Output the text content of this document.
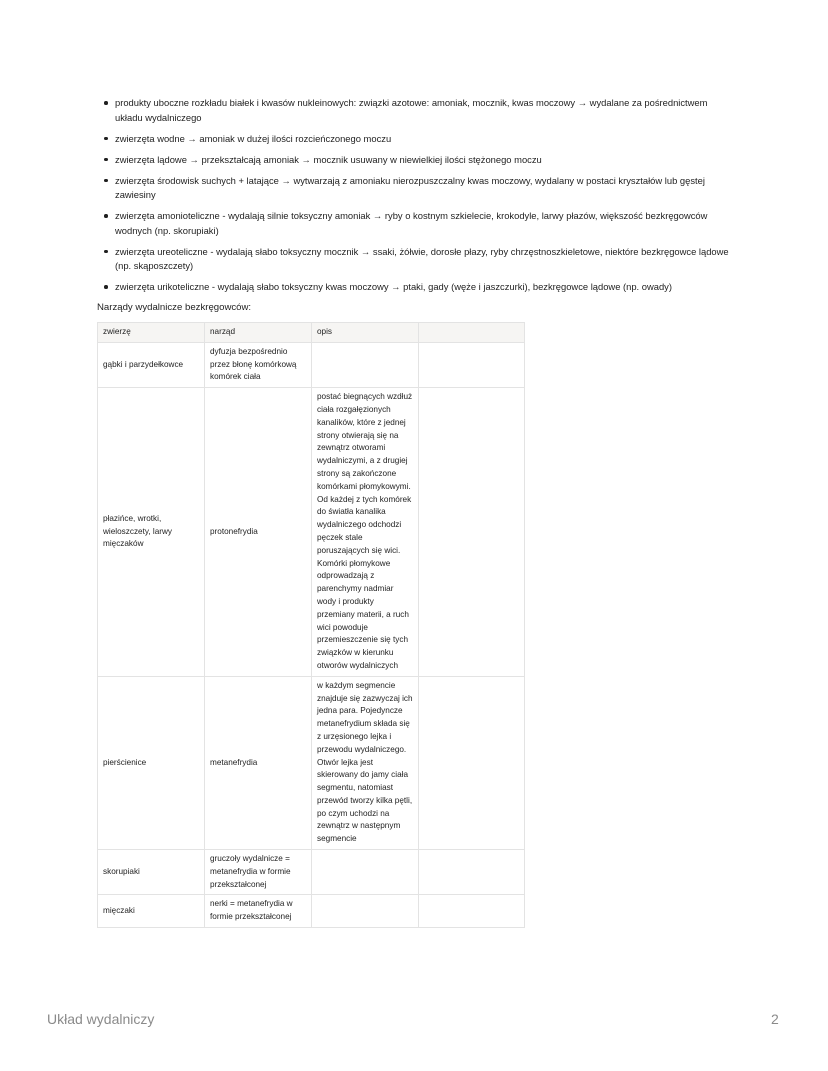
produkty uboczne rozkładu białek i kwasów nukleinowych: związki azotowe: amoniak, mocznik, kwas moczowy → wydalane za pośrednictwem układu wydalniczego
zwierzęta wodne → amoniak w dużej ilości rozcieńczonego moczu
zwierzęta lądowe → przekształcają amoniak → mocznik usuwany w niewielkiej ilości stężonego moczu
zwierzęta środowisk suchych + latające → wytwarzają z amoniaku nierozpuszczalny kwas moczowy, wydalany w postaci kryształów lub gęstej zawiesiny
zwierzęta amonioteliczne - wydalają silnie toksyczny amoniak → ryby o kostnym szkielecie, krokodyle, larwy płazów, większość bezkręgowców wodnych (np. skorupiaki)
zwierzęta ureoteliczne - wydalają słabo toksyczny mocznik → ssaki, żółwie, dorosłe płazy, ryby chrzęstnoszkieletowe, niektóre bezkręgowce lądowe (np. skąposzczety)
zwierzęta urikoteliczne - wydalają słabo toksyczny kwas moczowy → ptaki, gady (węże i jaszczurki), bezkręgowce lądowe (np. owady)
Narządy wydalnicze bezkręgowców:
zwierzę	narząd	opis	
gąbki i parzydełkowce	dyfuzja bezpośrednio przez błonę komórkową komórek ciała		
płazińce, wrotki, wieloszczety, larwy mięczaków	protonefrydia	postać biegnących wzdłuż ciała rozgałęzionych kanalików, które z jednej strony otwierają się na zewnątrz otworami wydalniczymi, a z drugiej strony są zakończone komórkami płomykowymi. Od każdej z tych komórek do światła kanalika wydalniczego odchodzi pęczek stale poruszających się wici. Komórki płomykowe odprowadzają z parenchymy nadmiar wody i produkty przemiany materii, a ruch wici powoduje przemieszczenie się tych związków w kierunku otworów wydalniczych	
pierścienice	metanefrydia	w każdym segmencie znajduje się zazwyczaj ich jedna para. Pojedyncze metanefrydium składa się z urzęsionego lejka i przewodu wydalniczego. Otwór lejka jest skierowany do jamy ciała segmentu, natomiast przewód tworzy kilka pętli, po czym uchodzi na zewnątrz w następnym segmencie	
skorupiaki	gruczoły wydalnicze = metanefrydia w formie przekształconej		
mięczaki	nerki = metanefrydia w formie przekształconej		
Układ wydalniczy	2
